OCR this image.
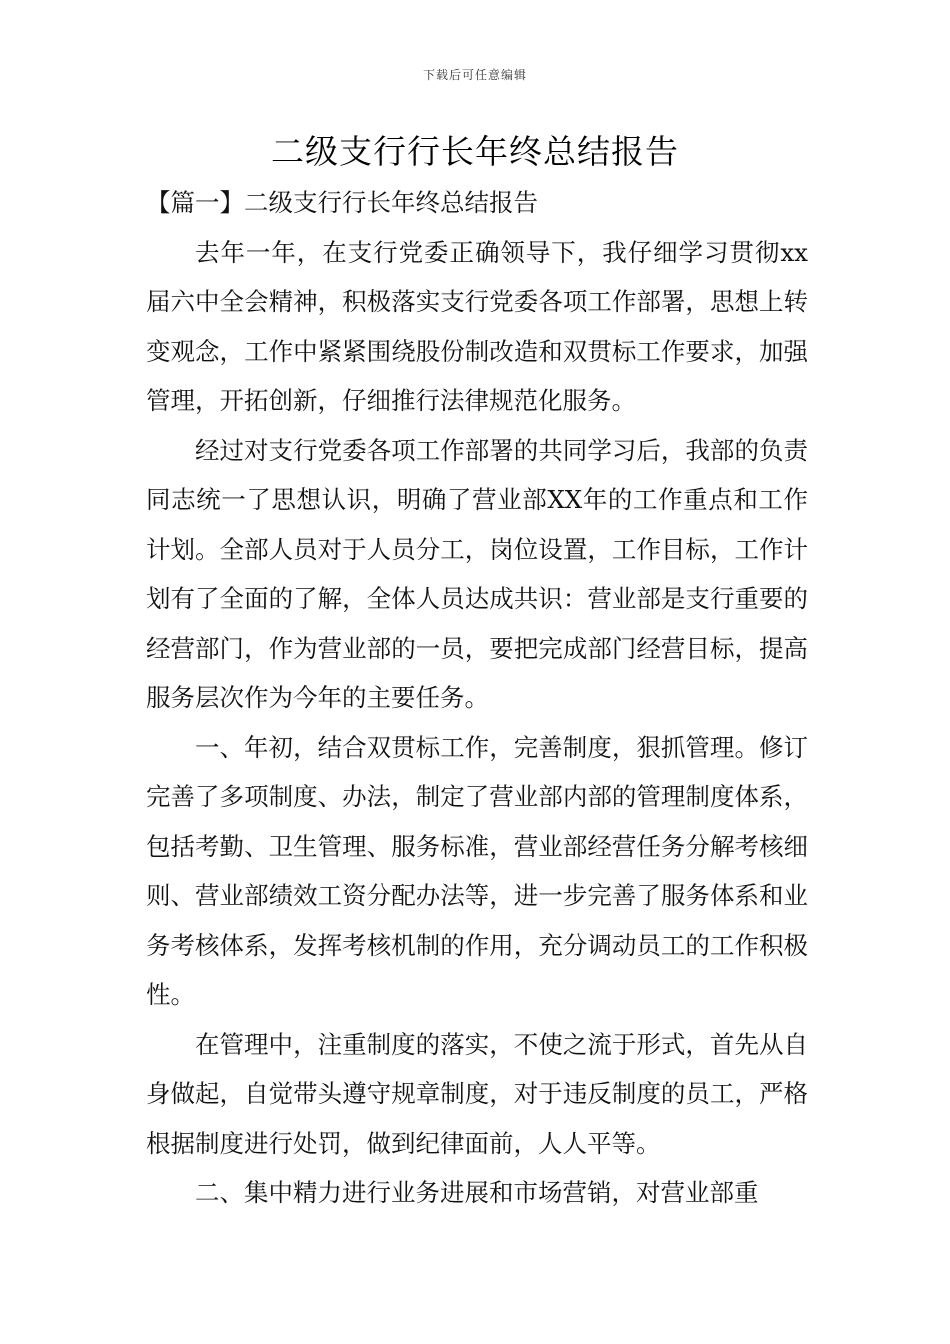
下载后可任意编辑
二级支行行长年终总结报告

【篇一】二级支行行长年终总结报告

去年一年，在支行党委正确领导下，我仔细学习贯彻xx届六中全会精神，积极落实支行党委各项工作部署，思想上转变观念，工作中紧紧围绕股份制改造和双贯标工作要求，加强管理，开拓创新，仔细推行法律规范化服务。

经过对支行党委各项工作部署的共同学习后，我部的负责同志统一了思想认识，明确了营业部XX年的工作重点和工作计划。全部人员对于人员分工，岗位设置，工作目标，工作计划有了全面的了解，全体人员达成共识：营业部是支行重要的经营部门，作为营业部的一员，要把完成部门经营目标，提高服务层次作为今年的主要任务。

一、年初，结合双贯标工作，完善制度，狠抓管理。修订完善了多项制度、办法，制定了营业部内部的管理制度体系，包括考勤、卫生管理、服务标准，营业部经营任务分解考核细则、营业部绩效工资分配办法等，进一步完善了服务体系和业务考核体系，发挥考核机制的作用，充分调动员工的工作积极性。

在管理中，注重制度的落实，不使之流于形式，首先从自身做起，自觉带头遵守规章制度，对于违反制度的员工，严格根据制度进行处罚，做到纪律面前，人人平等。

二、集中精力进行业务进展和市场营销，对营业部重
